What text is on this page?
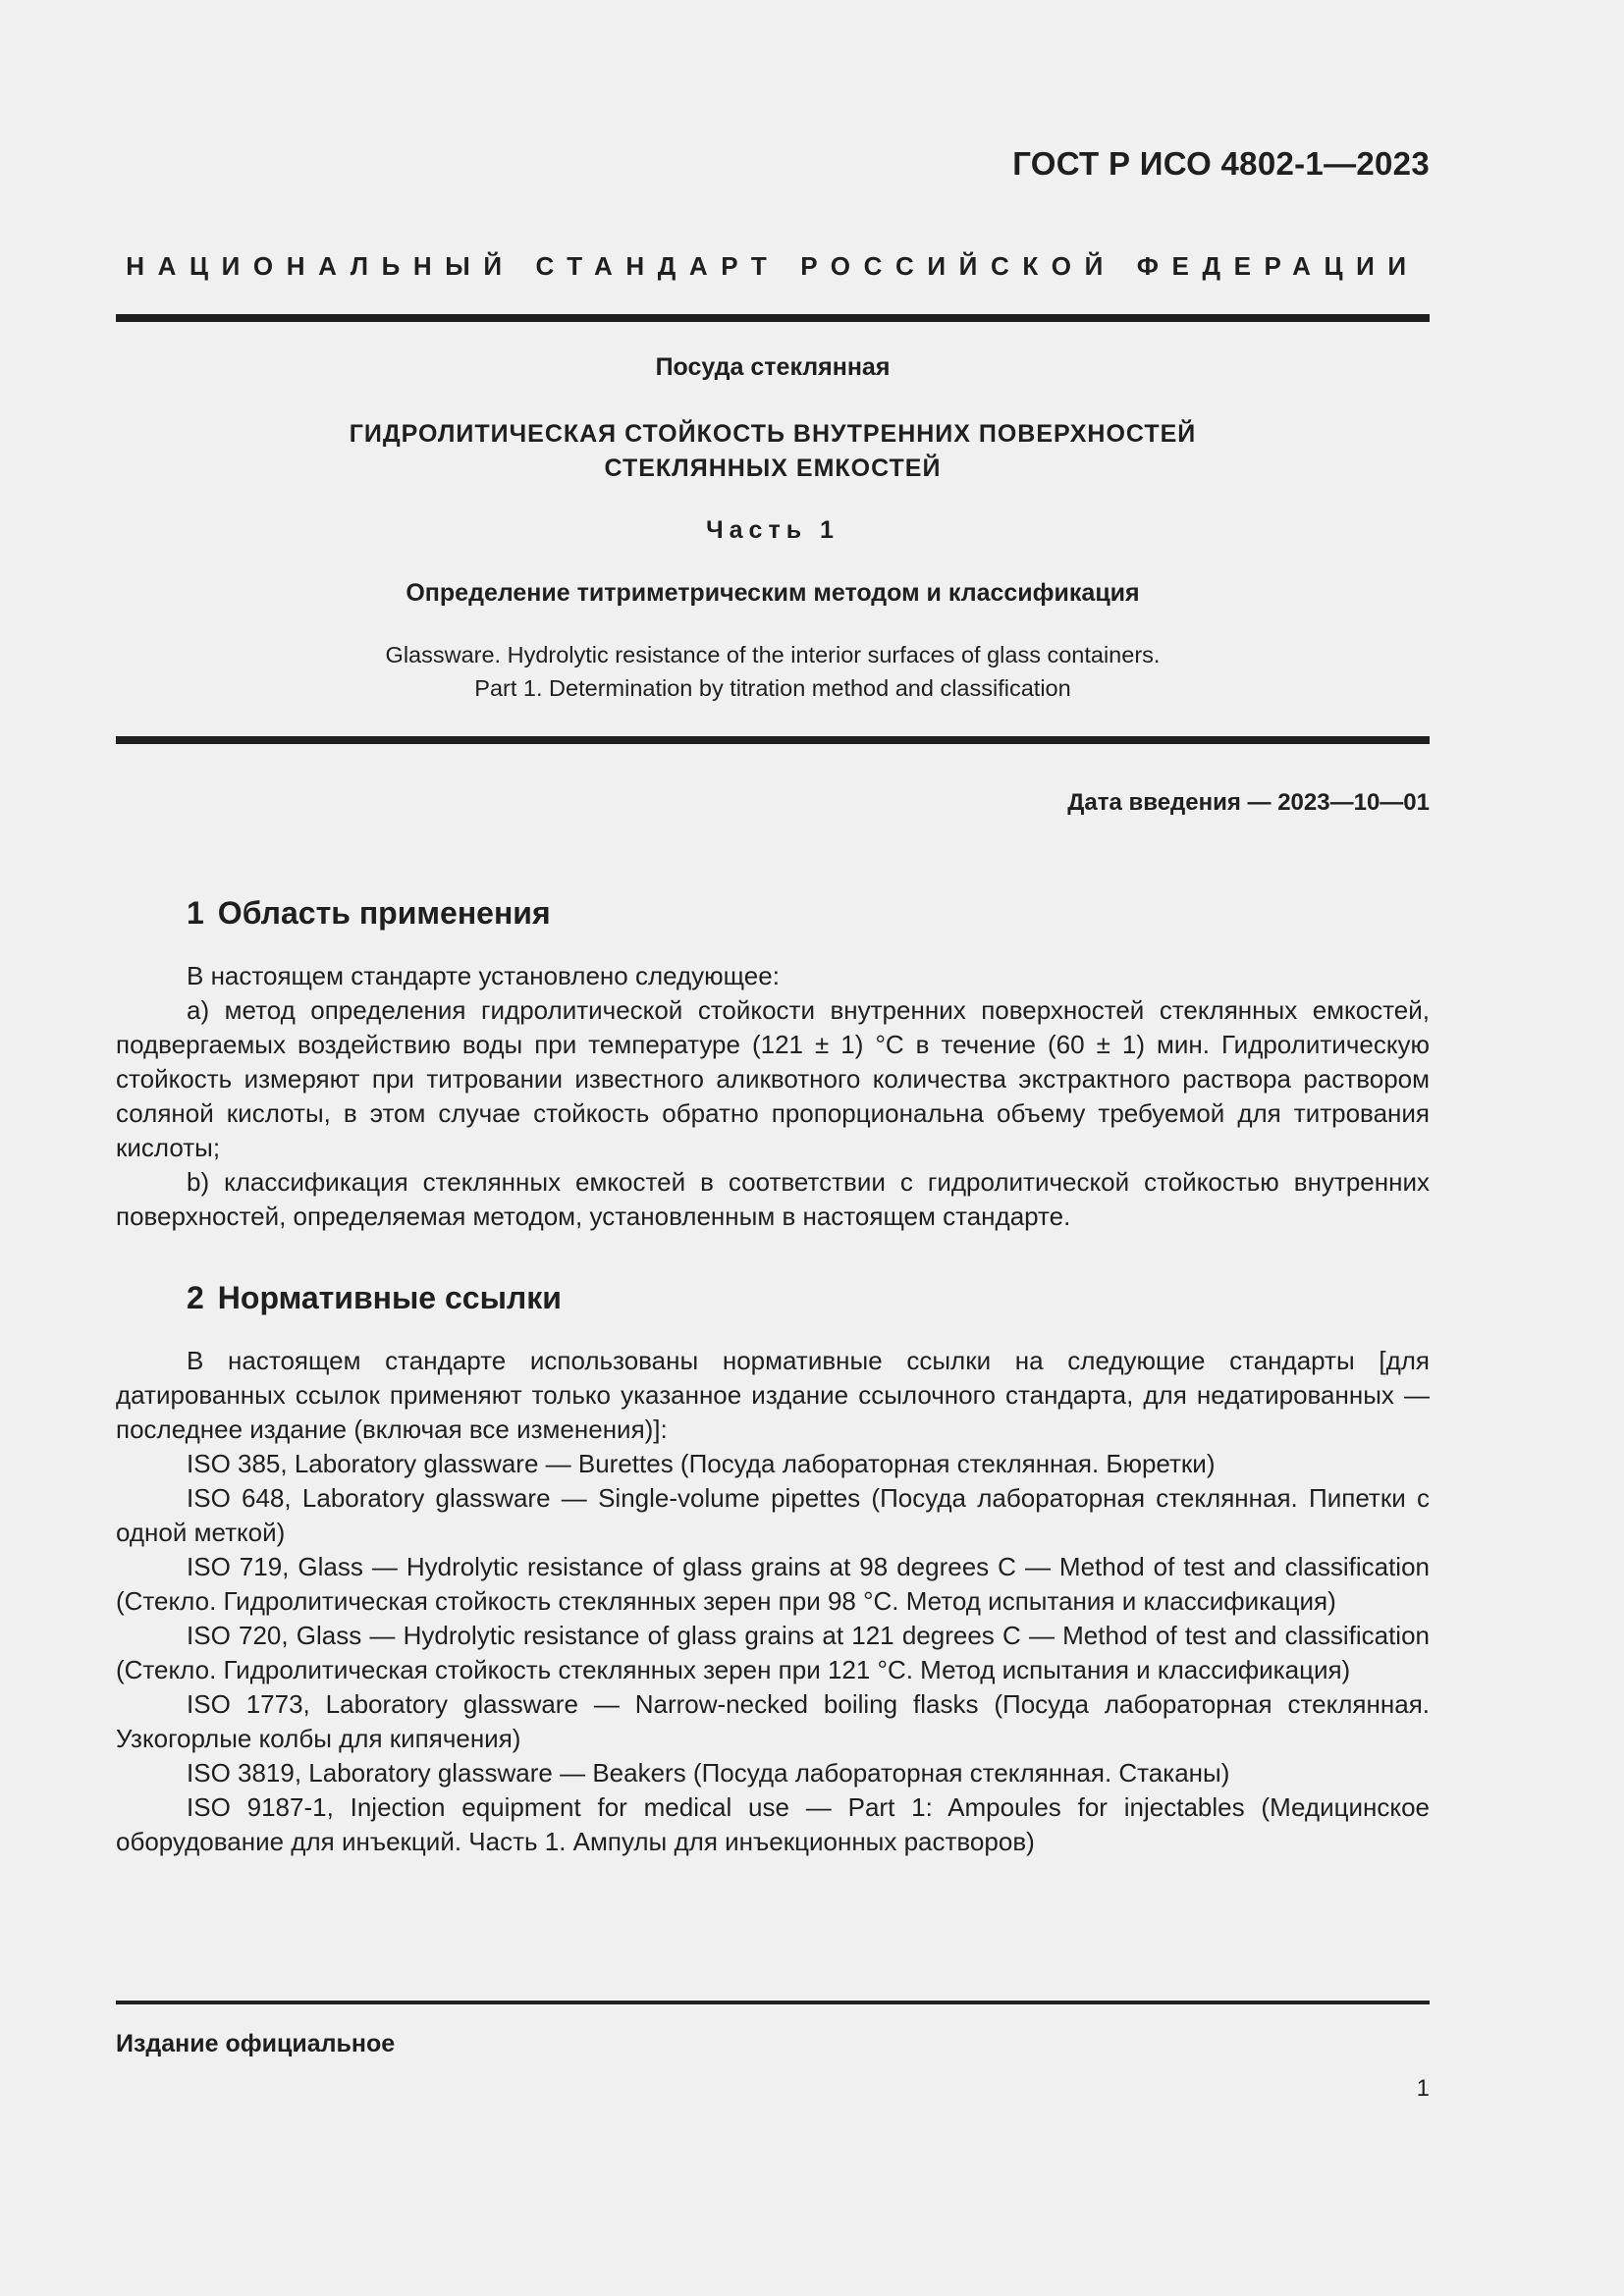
ГОСТ Р ИСО 4802-1—2023
НАЦИОНАЛЬНЫЙ СТАНДАРТ РОССИЙСКОЙ ФЕДЕРАЦИИ
Посуда стеклянная
ГИДРОЛИТИЧЕСКАЯ СТОЙКОСТЬ ВНУТРЕННИХ ПОВЕРХНОСТЕЙ
СТЕКЛЯННЫХ ЕМКОСТЕЙ
Часть 1
Определение титриметрическим методом и классификация
Glassware. Hydrolytic resistance of the interior surfaces of glass containers.
Part 1. Determination by titration method and classification
Дата введения — 2023—10—01
1 Область применения

В настоящем стандарте установлено следующее:

a) метод определения гидролитической стойкости внутренних поверхностей стеклянных емкостей, подвергаемых воздействию воды при температуре (121 ± 1) °C в течение (60 ± 1) мин. Гидролитическую стойкость измеряют при титровании известного аликвотного количества экстрактного раствора раствором соляной кислоты, в этом случае стойкость обратно пропорциональна объему требуемой для титрования кислоты;

b) классификация стеклянных емкостей в соответствии с гидролитической стойкостью внутренних поверхностей, определяемая методом, установленным в настоящем стандарте.

2 Нормативные ссылки

В настоящем стандарте использованы нормативные ссылки на следующие стандарты [для датированных ссылок применяют только указанное издание ссылочного стандарта, для недатированных — последнее издание (включая все изменения)]:

ISO 385, Laboratory glassware — Burettes (Посуда лабораторная стеклянная. Бюретки)

ISO 648, Laboratory glassware — Single-volume pipettes (Посуда лабораторная стеклянная. Пипетки с одной меткой)

ISO 719, Glass — Hydrolytic resistance of glass grains at 98 degrees C — Method of test and classification (Стекло. Гидролитическая стойкость стеклянных зерен при 98 °C. Метод испытания и классификация)

ISO 720, Glass — Hydrolytic resistance of glass grains at 121 degrees C — Method of test and classification (Стекло. Гидролитическая стойкость стеклянных зерен при 121 °C. Метод испытания и классификация)

ISO 1773, Laboratory glassware — Narrow-necked boiling flasks (Посуда лабораторная стеклянная. Узкогорлые колбы для кипячения)

ISO 3819, Laboratory glassware — Beakers (Посуда лабораторная стеклянная. Стаканы)

ISO 9187-1, Injection equipment for medical use — Part 1: Ampoules for injectables (Медицинское оборудование для инъекций. Часть 1. Ампулы для инъекционных растворов)

Издание официальное
1
